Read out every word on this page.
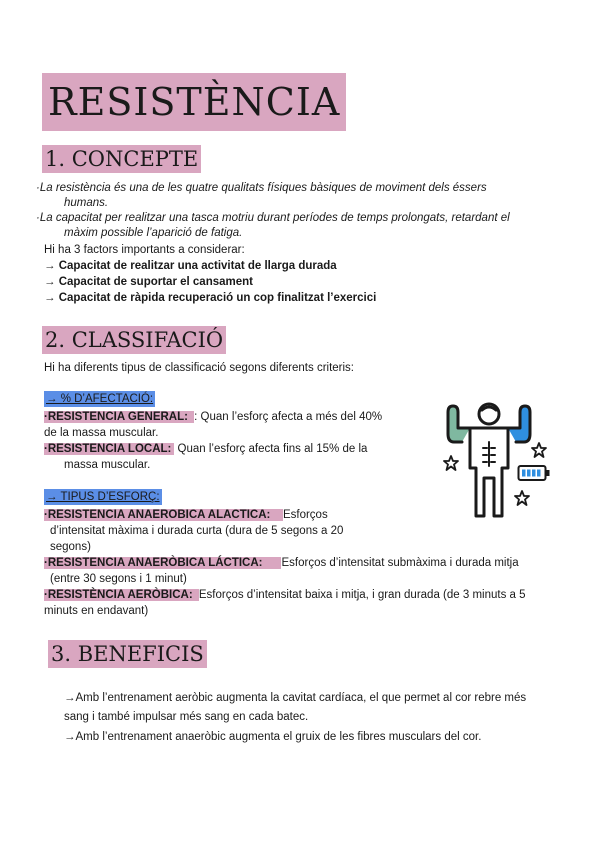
RESISTÈNCIA
1. CONCEPTE
·La resistència és una de les quatre qualitats físiques bàsiques de moviment dels éssers
humans.
·La capacitat per realitzar una tasca motriu durant períodes de temps prolongats, retardant el
màxim possible l’aparició de fatiga.
Hi ha 3 factors importants a considerar:
→ Capacitat de realitzar una activitat de llarga durada
→ Capacitat de suportar el cansament
→ Capacitat de ràpida recuperació un cop finalitzat l’exercici
2. CLASSIFACIÓ
Hi ha diferents tipus de classificació segons diferents criteris:
→ % D’AFECTACIÓ:
·RESISTENCIA GENERAL: : Quan l’esforç afecta a més del 40%
de la massa muscular.
·RESISTENCIA LOCAL: Quan l’esforç afecta fins al 15% de la
massa muscular.
→ TIPUS D’ESFORÇ:
·RESISTENCIA ANAEROBICA ALACTICA:   Esforços
d’intensitat màxima i durada curta (dura de 5 segons a 20
segons)
·RESISTENCIA ANAERÒBICA LÁCTICA:     Esforços d’intensitat submàxima i durada mitja
(entre 30 segons i 1 minut)
·RESISTÈNCIA AERÒBICA: Esforços d’intensitat baixa i mitja, i gran durada (de 3 minuts a 5
minuts en endavant)
3. BENEFICIS
→Amb l’entrenament aeròbic augmenta la cavitat cardíaca, el que permet al cor rebre més
sang i també impulsar més sang en cada batec.
→Amb l’entrenament anaeròbic augmenta el gruix de les fibres musculars del cor.
